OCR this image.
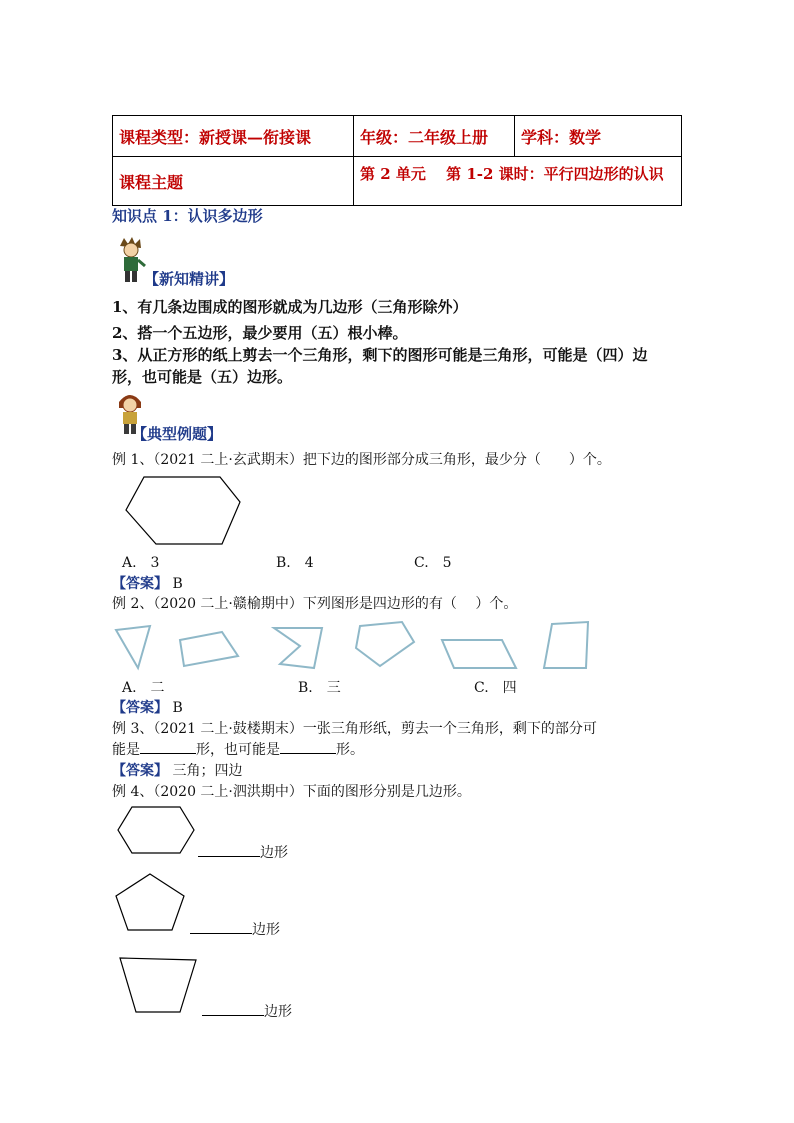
课程类型：新授课—衔接课	年级：二年级上册	学科：数学
课程主题	第 2 单元　 第 1-2 课时：平行四边形的认识	
知识点 1：认识多边形
【新知精讲】
1、有几条边围成的图形就成为几边形（三角形除外）
2、搭一个五边形，最少要用（五）根小棒。
3、从正方形的纸上剪去一个三角形，剩下的图形可能是三角形，可能是（四）边
形，也可能是（五）边形。
【典型例题】
例 1、（2021 二上·玄武期末）把下边的图形部分成三角形，最少分（　　）个。
A.　3	B.　4	C.　5
【答案】 B
例 2、（2020 二上·赣榆期中）下列图形是四边形的有（　 ）个。
A.　二	B.　三	C.　四
【答案】 B
例 3、（2021 二上·鼓楼期末）一张三角形纸，剪去一个三角形，剩下的部分可
能是	形，也可能是	形。
【答案】 三角；四边
例 4、（2020 二上·泗洪期中）下面的图形分别是几边形。
边形
边形
边形
